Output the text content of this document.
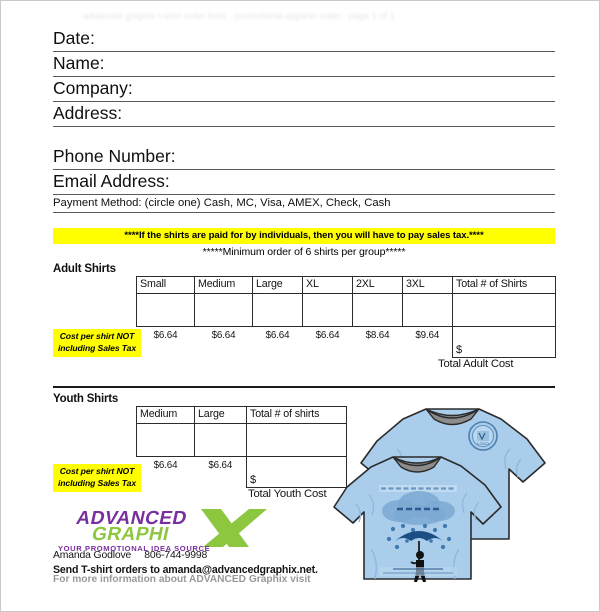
advanced graphix t-shirt order form · promotional apparel order · page 1 of 1
Date:
Name:
Company:
Address:
Phone Number:
Email Address:
Payment Method: (circle one) Cash, MC, Visa, AMEX, Check, Cash
****If the shirts are paid for by individuals, then you will have to pay sales tax.****
*****Minimum order of 6 shirts per group*****
Adult Shirts
Small	Medium	Large	XL	2XL	3XL	Total # of Shirts

$6.64	$6.64	$6.64	$6.64	$8.64	$9.64	$
Cost per shirt NOT including Sales Tax
Total Adult Cost
Youth Shirts
Medium	Large	Total # of shirts

$6.64	$6.64	$
Cost per shirt NOT including Sales Tax
Total Youth Cost
ADVANCED
GRAPHI
YOUR PROMOTIONAL IDEA SOURCE
Amanda Godlove 806-744-9998
Send T-shirt orders to amanda@advancedgraphix.net.
For more information about ADVANCED Graphix visit
LOGO
